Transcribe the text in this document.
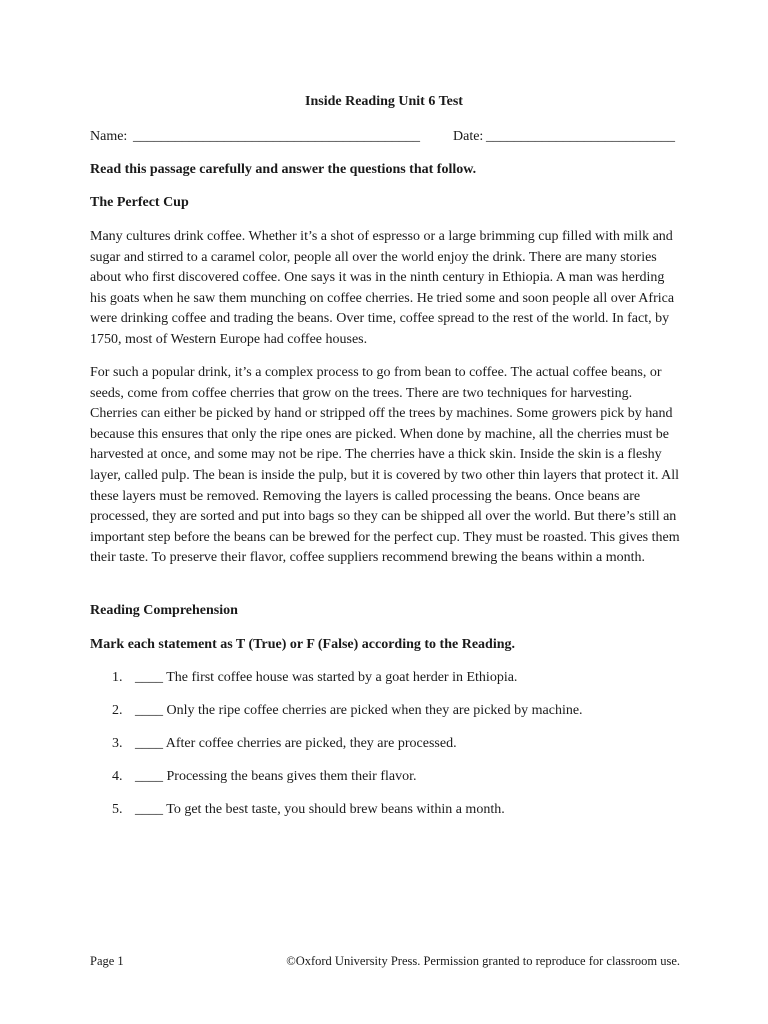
Inside Reading Unit 6 Test
Name: _________________________________________ Date: ___________________________
Read this passage carefully and answer the questions that follow.
The Perfect Cup
Many cultures drink coffee. Whether it’s a shot of espresso or a large brimming cup filled with milk and sugar and stirred to a caramel color, people all over the world enjoy the drink. There are many stories about who first discovered coffee. One says it was in the ninth century in Ethiopia. A man was herding his goats when he saw them munching on coffee cherries. He tried some and soon people all over Africa were drinking coffee and trading the beans. Over time, coffee spread to the rest of the world. In fact, by 1750, most of Western Europe had coffee houses.
For such a popular drink, it’s a complex process to go from bean to coffee. The actual coffee beans, or seeds, come from coffee cherries that grow on the trees. There are two techniques for harvesting. Cherries can either be picked by hand or stripped off the trees by machines. Some growers pick by hand because this ensures that only the ripe ones are picked. When done by machine, all the cherries must be harvested at once, and some may not be ripe. The cherries have a thick skin. Inside the skin is a fleshy layer, called pulp. The bean is inside the pulp, but it is covered by two other thin layers that protect it. All these layers must be removed. Removing the layers is called processing the beans. Once beans are processed, they are sorted and put into bags so they can be shipped all over the world. But there’s still an important step before the beans can be brewed for the perfect cup. They must be roasted. This gives them their taste. To preserve their flavor, coffee suppliers recommend brewing the beans within a month.
Reading Comprehension
Mark each statement as T (True) or F (False) according to the Reading.
1. ____ The first coffee house was started by a goat herder in Ethiopia.
2. ____ Only the ripe coffee cherries are picked when they are picked by machine.
3. ____ After coffee cherries are picked, they are processed.
4. ____ Processing the beans gives them their flavor.
5. ____ To get the best taste, you should brew beans within a month.
Page 1	©Oxford University Press. Permission granted to reproduce for classroom use.
